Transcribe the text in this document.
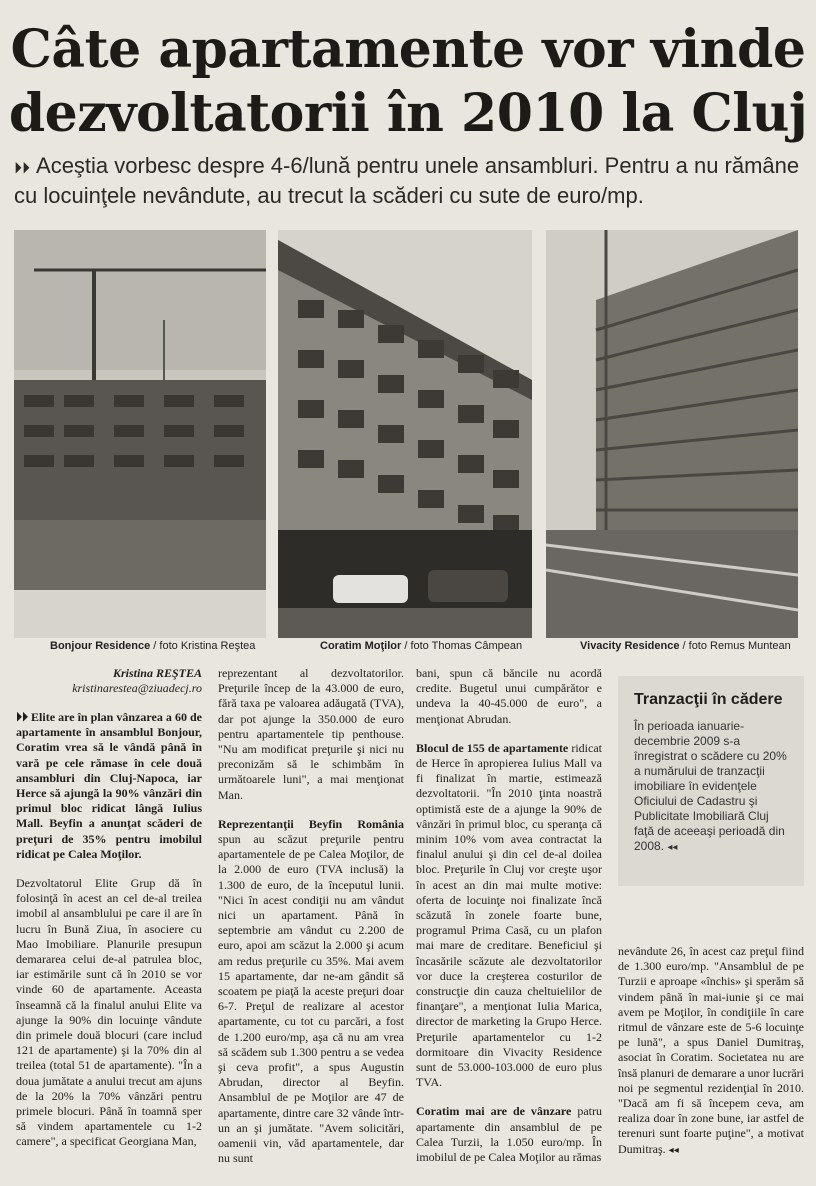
Câte apartamente vor vinde
dezvoltatorii în 2010 la Cluj
⏵⏵ Aceştia vorbesc despre 4-6/lună pentru unele ansambluri. Pentru a nu rămâne cu locuinţele nevândute, au trecut la scăderi cu sute de euro/mp.
Bonjour Residence / foto Kristina Reştea	Coratim Moţilor / foto Thomas Câmpean	Vivacity Residence / foto Remus Muntean
Kristina REŞTEA
kristinarestea@ziuadecj.ro

⏵⏵ Elite are în plan vânzarea a 60 de apartamente în ansamblul Bonjour, Coratim vrea să le vândă până în vară pe cele rămase în cele două ansambluri din Cluj-Napoca, iar Herce să ajungă la 90% vânzări din primul bloc ridicat lângă Iulius Mall. Beyfin a anunţat scăderi de preţuri de 35% pentru imobilul ridicat pe Calea Moţilor.

Dezvoltatorul Elite Grup dă în folosinţă în acest an cel de-al treilea imobil al ansamblului pe care il are în lucru în Bună Ziua, în asociere cu Mao Imobiliare. Planurile presupun demararea celui de-al patrulea bloc, iar estimările sunt că în 2010 se vor vinde 60 de apartamente. Aceasta înseamnă că la finalul anului Elite va ajunge la 90% din locuinţe vândute din primele două blocuri (care includ 121 de apartamente) şi la 70% din al treilea (total 51 de apartamente). "În a doua jumătate a anului trecut am ajuns de la 20% la 70% vânzări pentru primele blocuri. Până în toamnă sper să vindem apartamentele cu 1-2 camere", a specificat Georgiana Man,

reprezentant al dezvoltatorilor. Preţurile încep de la 43.000 de euro, fără taxa pe valoarea adăugată (TVA), dar pot ajunge la 350.000 de euro pentru apartamentele tip penthouse. "Nu am modificat preţurile şi nici nu preconizăm să le schimbăm în următoarele luni", a mai menţionat Man.

Reprezentanţii Beyfin România spun au scăzut preţurile pentru apartamentele de pe Calea Moţilor, de la 2.000 de euro (TVA inclusă) la 1.300 de euro, de la începutul lunii. "Nici în acest condiţii nu am vândut nici un apartament. Până în septembrie am vândut cu 2.200 de euro, apoi am scăzut la 2.000 şi acum am redus preţurile cu 35%. Mai avem 15 apartamente, dar ne-am gândit să scoatem pe piaţă la aceste preţuri doar 6-7. Preţul de realizare al acestor apartamente, cu tot cu parcări, a fost de 1.200 euro/mp, aşa că nu am vrea să scădem sub 1.300 pentru a se vedea şi ceva profit", a spus Augustin Abrudan, director al Beyfin. Ansamblul de pe Moţilor are 47 de apartamente, dintre care 32 vânde într-un an şi jumătate. "Avem solicitări, oamenii vin, văd apartamentele, dar nu sunt

bani, spun că băncile nu acordă credite. Bugetul unui cumpărător e undeva la 40-45.000 de euro", a menţionat Abrudan.

Blocul de 155 de apartamente ridicat de Herce în apropierea Iulius Mall va fi finalizat în martie, estimează dezvoltatorii. "În 2010 ţinta noastră optimistă este de a ajunge la 90% de vânzări în primul bloc, cu speranţa că minim 10% vom avea contractat la finalul anului şi din cel de-al doilea bloc. Preţurile în Cluj vor creşte uşor în acest an din mai multe motive: oferta de locuinţe noi finalizate încă scăzută în zonele foarte bune, programul Prima Casă, cu un plafon mai mare de creditare. Beneficiul şi încasările scăzute ale dezvoltatorilor vor duce la creşterea costurilor de construcţie din cauza cheltuielilor de finanţare", a menţionat Iulia Marica, director de marketing la Grupo Herce. Preţurile apartamentelor cu 1-2 dormitoare din Vivacity Residence sunt de 53.000-103.000 de euro plus TVA.

Coratim mai are de vânzare patru apartamente din ansamblul de pe Calea Turzii, la 1.050 euro/mp. În imobilul de pe Calea Moţilor au rămas

Tranzacţii în cădere

În perioada ianuarie-decembrie 2009 s-a înregistrat o scădere cu 20% a numărului de tranzacţii imobiliare în evidenţele Oficiului de Cadastru şi Publicitate Imobiliară Cluj faţă de aceeaşi perioadă din 2008. ◂◂

nevândute 26, în acest caz preţul fiind de 1.300 euro/mp. "Ansamblul de pe Turzii e aproape «închis» şi sperăm să vindem până în mai-iunie şi ce mai avem pe Moţilor, în condiţiile în care ritmul de vânzare este de 5-6 locuinţe pe lună", a spus Daniel Dumitraş, asociat în Coratim. Societatea nu are însă planuri de demarare a unor lucrări noi pe segmentul rezidenţial în 2010. "Dacă am fi să începem ceva, am realiza doar în zone bune, iar astfel de terenuri sunt foarte puţine", a motivat Dumitraş. ◂◂
